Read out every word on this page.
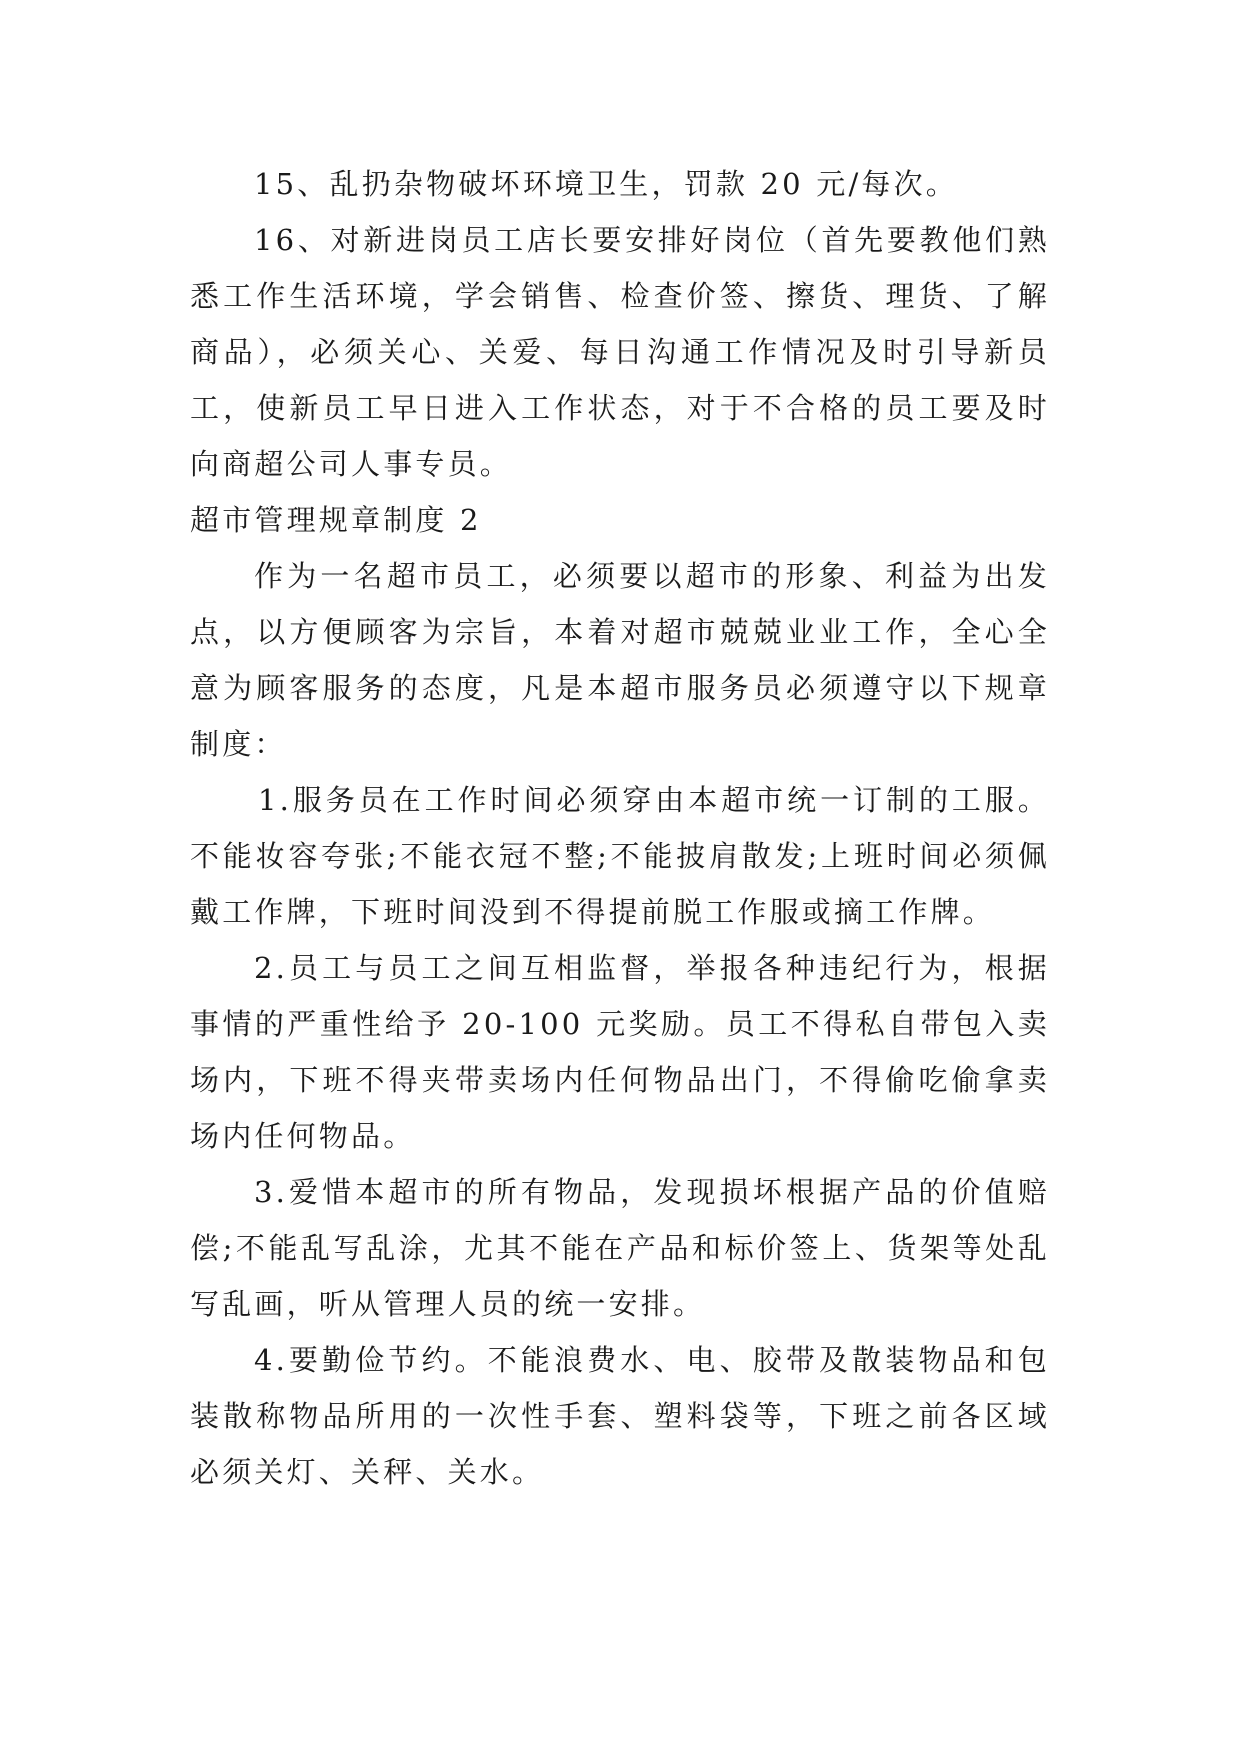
15、乱扔杂物破坏环境卫生，罚款 20 元/每次。

16、对新进岗员工店长要安排好岗位（首先要教他们熟悉工作生活环境，学会销售、检查价签、擦货、理货、了解商品），必须关心、关爱、每日沟通工作情况及时引导新员工，使新员工早日进入工作状态，对于不合格的员工要及时向商超公司人事专员。

超市管理规章制度 2

作为一名超市员工，必须要以超市的形象、利益为出发点，以方便顾客为宗旨，本着对超市兢兢业业工作，全心全意为顾客服务的态度，凡是本超市服务员必须遵守以下规章制度：

1.服务员在工作时间必须穿由本超市统一订制的工服。不能妆容夸张;不能衣冠不整;不能披肩散发;上班时间必须佩戴工作牌，下班时间没到不得提前脱工作服或摘工作牌。

2.员工与员工之间互相监督，举报各种违纪行为，根据事情的严重性给予 20-100 元奖励。员工不得私自带包入卖场内，下班不得夹带卖场内任何物品出门，不得偷吃偷拿卖场内任何物品。

3.爱惜本超市的所有物品，发现损坏根据产品的价值赔偿;不能乱写乱涂，尤其不能在产品和标价签上、货架等处乱写乱画，听从管理人员的统一安排。

4.要勤俭节约。不能浪费水、电、胶带及散装物品和包装散称物品所用的一次性手套、塑料袋等，下班之前各区域必须关灯、关秤、关水。
